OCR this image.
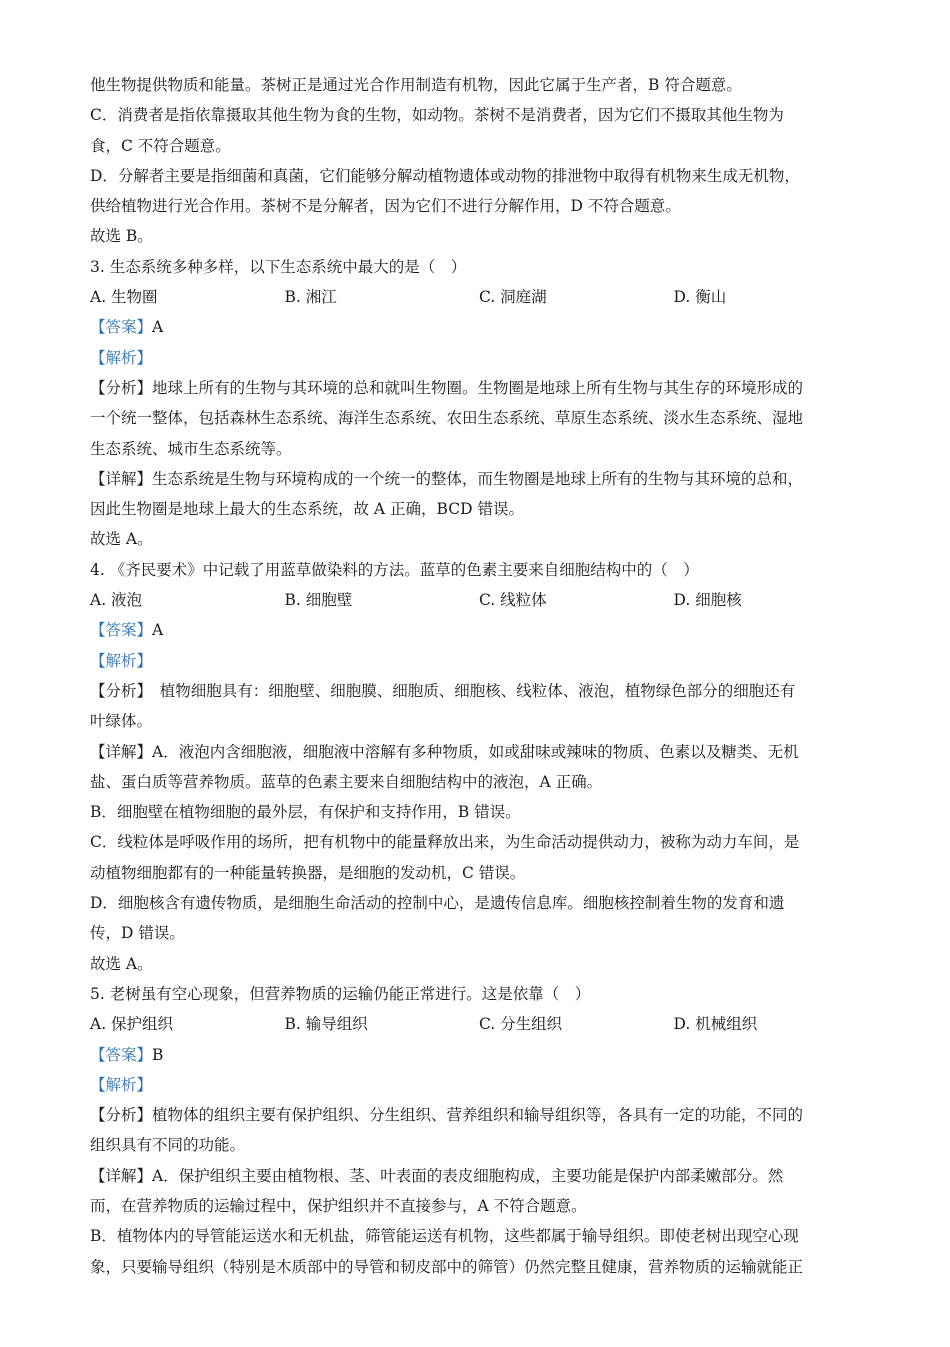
他生物提供物质和能量。茶树正是通过光合作用制造有机物，因此它属于生产者，B 符合题意。
C．消费者是指依靠摄取其他生物为食的生物，如动物。茶树不是消费者，因为它们不摄取其他生物为
食，C 不符合题意。
D．分解者主要是指细菌和真菌，它们能够分解动植物遗体或动物的排泄物中取得有机物来生成无机物，
供给植物进行光合作用。茶树不是分解者，因为它们不进行分解作用，D 不符合题意。
故选 B。
3. 生态系统多种多样，以下生态系统中最大的是（　）
A. 生物圈	B. 湘江	C. 洞庭湖	D. 衡山
【答案】A
【解析】
【分析】地球上所有的生物与其环境的总和就叫生物圈。生物圈是地球上所有生物与其生存的环境形成的
一个统一整体，包括森林生态系统、海洋生态系统、农田生态系统、草原生态系统、淡水生态系统、湿地
生态系统、城市生态系统等。
【详解】生态系统是生物与环境构成的一个统一的整体，而生物圈是地球上所有的生物与其环境的总和，
因此生物圈是地球上最大的生态系统，故 A 正确，BCD 错误。
故选 A。
4. 《齐民要术》中记载了用蓝草做染料的方法。蓝草的色素主要来自细胞结构中的（　）
A. 液泡	B. 细胞壁	C. 线粒体	D. 细胞核
【答案】A
【解析】
【分析】　植物细胞具有：细胞壁、细胞膜、细胞质、细胞核、线粒体、液泡，植物绿色部分的细胞还有
叶绿体。
【详解】A．液泡内含细胞液，细胞液中溶解有多种物质，如或甜味或辣味的物质、色素以及糖类、无机
盐、蛋白质等营养物质。蓝草的色素主要来自细胞结构中的液泡，A 正确。
B．细胞壁在植物细胞的最外层，有保护和支持作用，B 错误。
C．线粒体是呼吸作用的场所，把有机物中的能量释放出来，为生命活动提供动力，被称为动力车间，是
动植物细胞都有的一种能量转换器，是细胞的发动机，C 错误。
D．细胞核含有遗传物质，是细胞生命活动的控制中心，是遗传信息库。细胞核控制着生物的发育和遗
传，D 错误。
故选 A。
5. 老树虽有空心现象，但营养物质的运输仍能正常进行。这是依靠（　）
A. 保护组织	B. 输导组织	C. 分生组织	D. 机械组织
【答案】B
【解析】
【分析】植物体的组织主要有保护组织、分生组织、营养组织和输导组织等，各具有一定的功能，不同的
组织具有不同的功能。
【详解】A．保护组织主要由植物根、茎、叶表面的表皮细胞构成，主要功能是保护内部柔嫩部分。然
而，在营养物质的运输过程中，保护组织并不直接参与，A 不符合题意。
B．植物体内的导管能运送水和无机盐，筛管能运送有机物，这些都属于输导组织。即使老树出现空心现
象，只要输导组织（特别是木质部中的导管和韧皮部中的筛管）仍然完整且健康，营养物质的运输就能正
